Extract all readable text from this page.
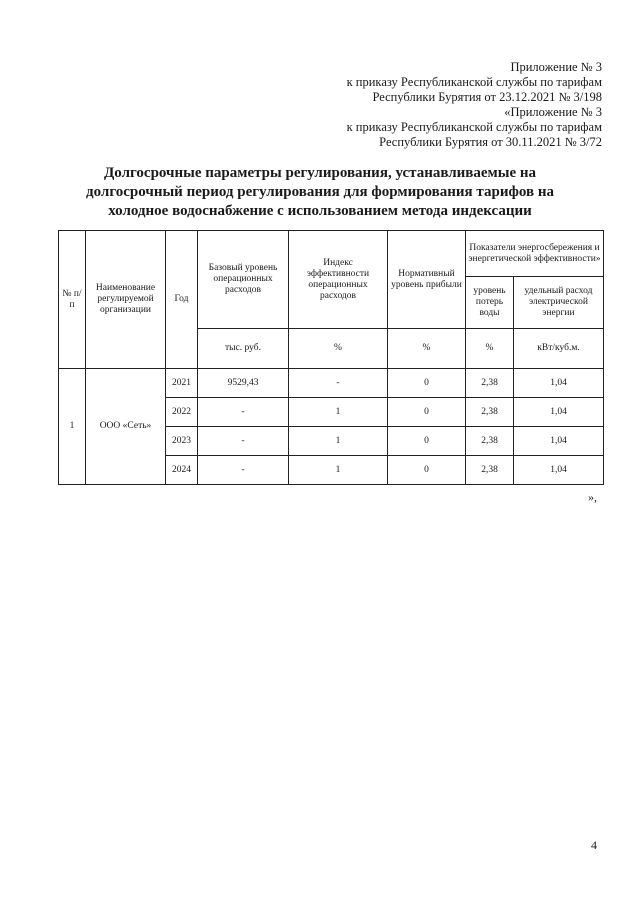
Приложение № 3
к приказу Республиканской службы по тарифам
Республики Бурятия от 23.12.2021 № 3/198
«Приложение № 3
к приказу Республиканской службы по тарифам
Республики Бурятия от 30.11.2021 № 3/72
Долгосрочные параметры регулирования, устанавливаемые на
долгосрочный период регулирования для формирования тарифов на
холодное водоснабжение с использованием метода индексации
№ п/п	Наименование регулируемой организации	Год	Базовый уровень операционных расходов	Индекс эффективности операционных расходов	Нормативный уровень прибыли	Показатели энергосбережения и энергетической эффективности»	
						уровень потерь воды	удельный расход электрической энергии
			тыс. руб.	%	%	%	кВт/куб.м.
1	ООО «Сеть»	2021	9529,43	-	0	2,38	1,04
		2022	-	1	0	2,38	1,04
		2023	-	1	0	2,38	1,04
		2024	-	1	0	2,38	1,04
»,
4
